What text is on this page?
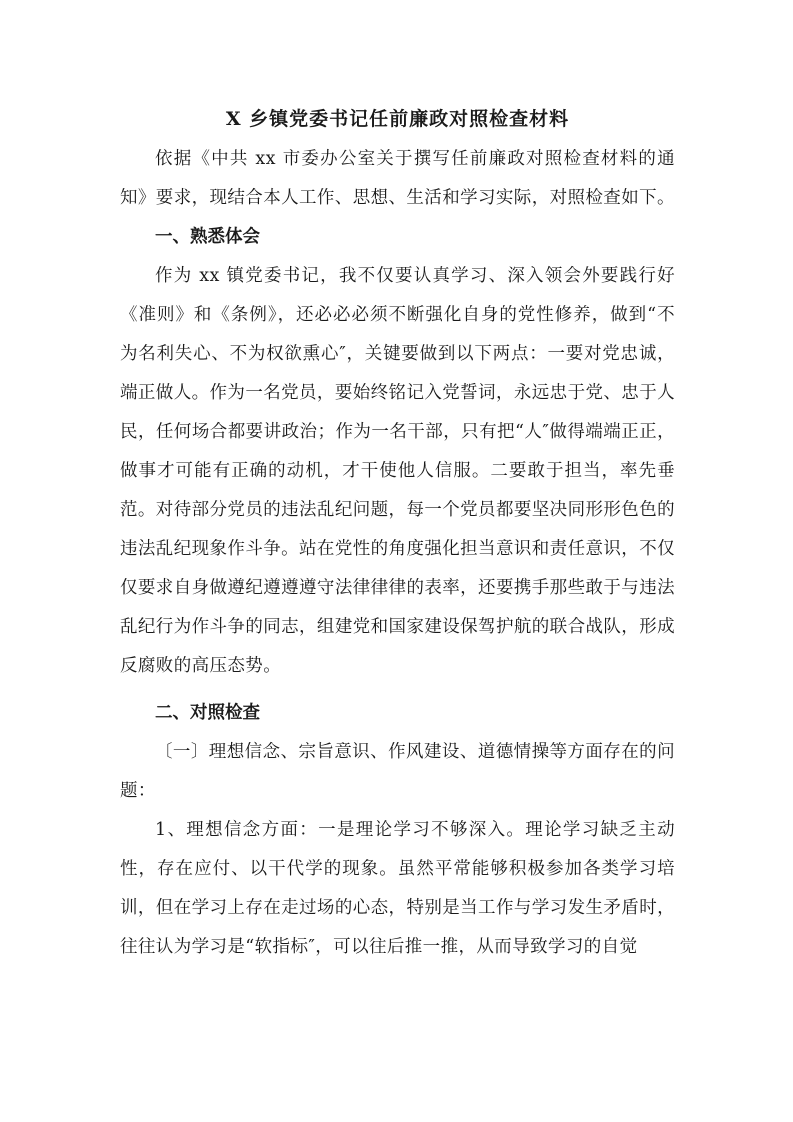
X 乡镇党委书记任前廉政对照检查材料

依据《中共 xx 市委办公室关于撰写任前廉政对照检查材料的通知》要求，现结合本人工作、思想、生活和学习实际，对照检查如下。

一、熟悉体会

作为 xx 镇党委书记，我不仅要认真学习、深入领会外要践行好《准则》和《条例》，还必必必须不断强化自身的党性修养，做到“不为名利失心、不为权欲熏心″，关键要做到以下两点：一要对党忠诚，端正做人。作为一名党员，要始终铭记入党誓词，永远忠于党、忠于人民，任何场合都要讲政治；作为一名干部，只有把“人″做得端端正正，做事才可能有正确的动机，才干使他人信服。二要敢于担当，率先垂范。对待部分党员的违法乱纪问题，每一个党员都要坚决同形形色色的违法乱纪现象作斗争。站在党性的角度强化担当意识和责任意识，不仅仅要求自身做遵纪遵遵遵守法律律律的表率，还要携手那些敢于与违法乱纪行为作斗争的同志，组建党和国家建设保驾护航的联合战队，形成反腐败的高压态势。

二、对照检查

〔一〕理想信念、宗旨意识、作风建设、道德情操等方面存在的问题：

1、理想信念方面：一是理论学习不够深入。理论学习缺乏主动性，存在应付、以干代学的现象。虽然平常能够积极参加各类学习培训，但在学习上存在走过场的心态，特别是当工作与学习发生矛盾时，往往认为学习是“软指标″，可以往后推一推，从而导致学习的自觉
